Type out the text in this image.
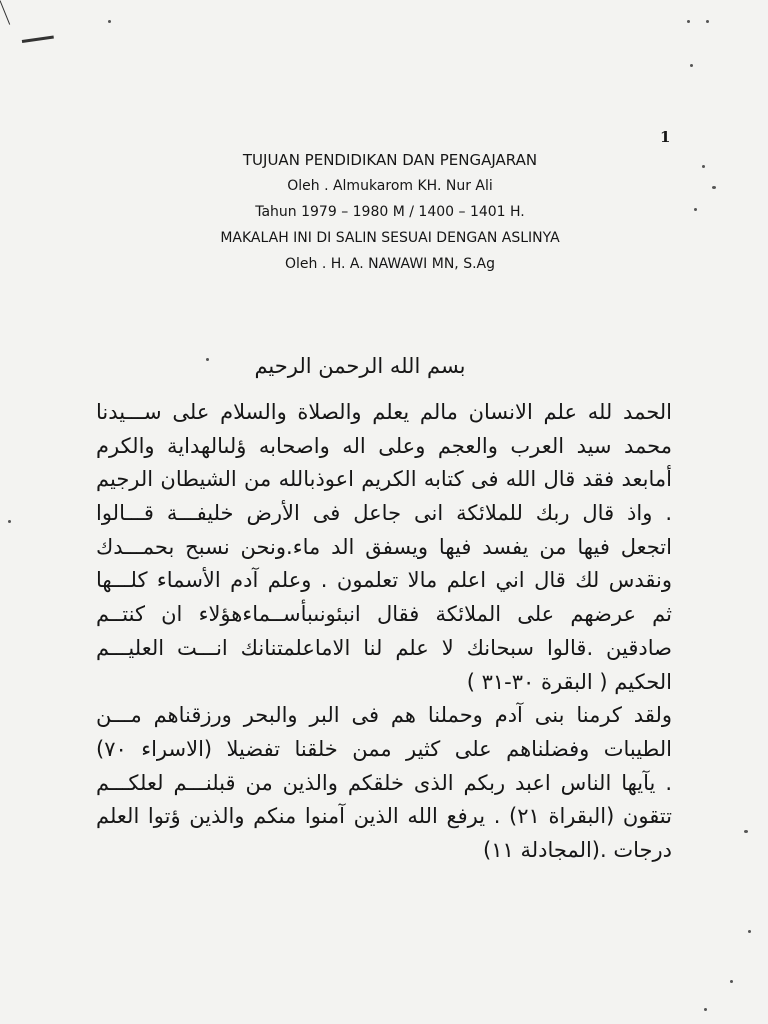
1
TUJUAN PENDIDIKAN DAN PENGAJARAN
Oleh . Almukarom KH. Nur Ali
Tahun 1979 – 1980 M / 1400 – 1401 H.
MAKALAH INI DI SALIN SESUAI DENGAN ASLINYA
Oleh . H. A. NAWAWI MN, S.Ag
بسم الله الرحمن الرحيم
الحمد لله علم الانسان مالم يعلم والصلاة والسلام على ســـيدنا
محمد سيد العرب والعجم وعلى اله واصحابه ؤلىالهداية والكرم
أمابعد فقد قال الله فى كتابه الكريم اعوذبالله من الشيطان الرجيم
. واذ قال ربك للملائكة انى جاعل فى الأرض خليفـــة قـــالوا
اتجعل فيها من يفسد فيها ويسفق الد ماء.ونحن نسبح بحمـــدك
ونقدس لك قال اني اعلم مالا تعلمون . وعلم آدم الأسماء كلـــها
ثم عرضهم على الملائكة فقال انبئونىبأســماءهؤلاء ان كنتــم
صادقين .قالوا سبحانك لا علم لنا الاماعلمتنانك انـــت العليـــم
الحكيم ( البقرة ٣٠-٣١ )
ولقد كرمنا بنى آدم وحملنا هم فى البر والبحر ورزقناهم مـــن
الطيبات وفضلناهم على كثير ممن خلقنا تفضيلا (الاسراء ٧٠)
. يآيها الناس اعبد ربكم الذى خلقكم والذين من قبلنـــم لعلكـــم
تتقون (البقراة ٢١) . يرفع الله الذين آمنوا منكم والذين ؤتوا العلم
درجات .(المجادلة ١١)
